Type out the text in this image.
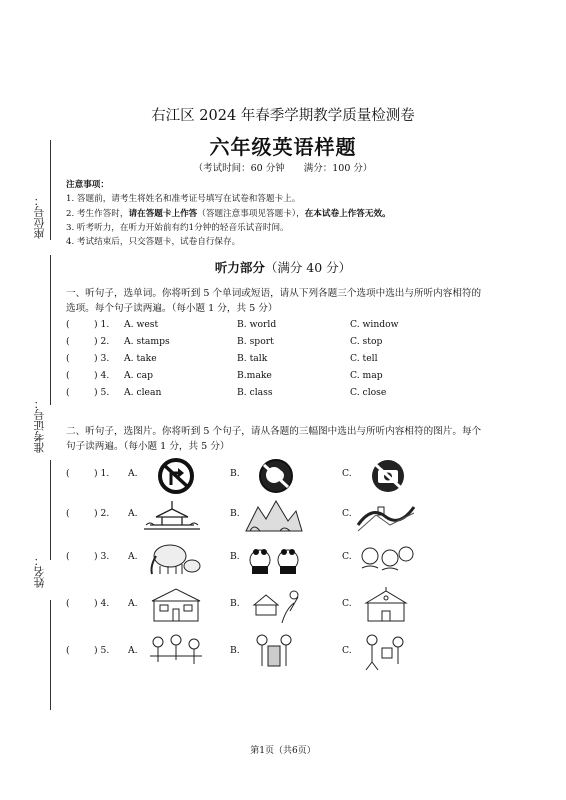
座位号：
准考证号：
姓名：
右江区 2024 年春季学期教学质量检测卷
六年级英语样题
（考试时间：60 分钟 满分：100 分）
注意事项：
1. 答题前，请考生将姓名和准考证号填写在试卷和答题卡上。
2. 考生作答时，请在答题卡上作答（答题注意事项见答题卡），在本试卷上作答无效。
3. 听考听力，在听力开始前有约1分钟的轻音乐试音时间。
4. 考试结束后，只交答题卡，试卷自行保存。
听力部分（满分 40 分）
一、听句子，选单词。你将听到 5 个单词或短语，请从下列各题三个选项中选出与所听内容相符的
选项。每个句子读两遍。（每小题 1 分，共 5 分）
(	) 1. A. west	B. world	C. window
(	) 2. A. stamps	B. sport	C. stop
(	) 3. A. take	B. talk	C. tell
(	) 4. A. cap	B.make	C. map
(	) 5. A. clean	B. class	C. close
二、听句子，选图片。你将听到 5 个句子，请从各题的三幅图中选出与所听内容相符的图片。每个
句子读两遍。（每小题 1 分，共 5 分）
(	) 1. A.	B.	C.
(	) 2. A.	B.	C.
(	) 3. A.	B.	C.
(	) 4. A.	B.	C.
(	) 5. A.	B.	C.
第1页（共6页）
